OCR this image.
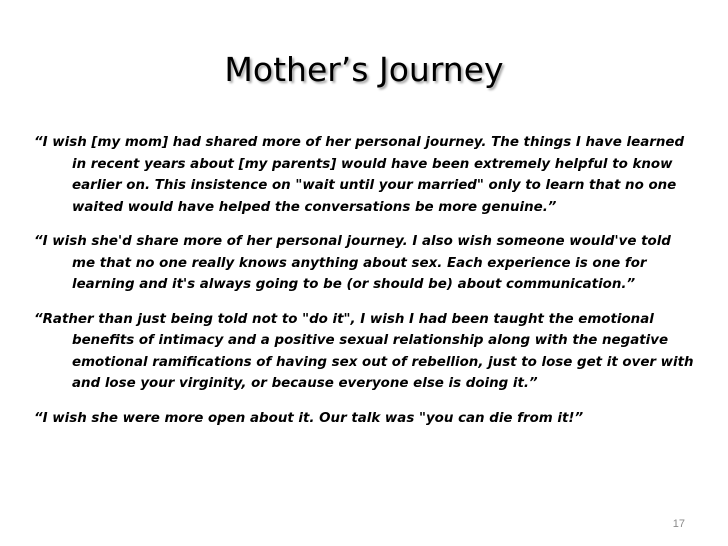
Mother’s Journey
“I wish [my mom] had shared more of her personal journey. The things I have learned in recent years about [my parents] would have been extremely helpful to know earlier on. This insistence on "wait until your married" only to learn that no one waited would have helped the conversations be more genuine.”
“I wish she'd share more of her personal journey. I also wish someone would've told me that no one really knows anything about sex. Each experience is one for learning and it's always going to be (or should be) about communication.”
“Rather than just being told not to "do it", I wish I had been taught the emotional benefits of intimacy and a positive sexual relationship along with the negative emotional ramifications of having sex out of rebellion, just to lose get it over with and lose your virginity, or because everyone else is doing it.”
“I wish she were more open about it. Our talk was "you can die from it!”
17
